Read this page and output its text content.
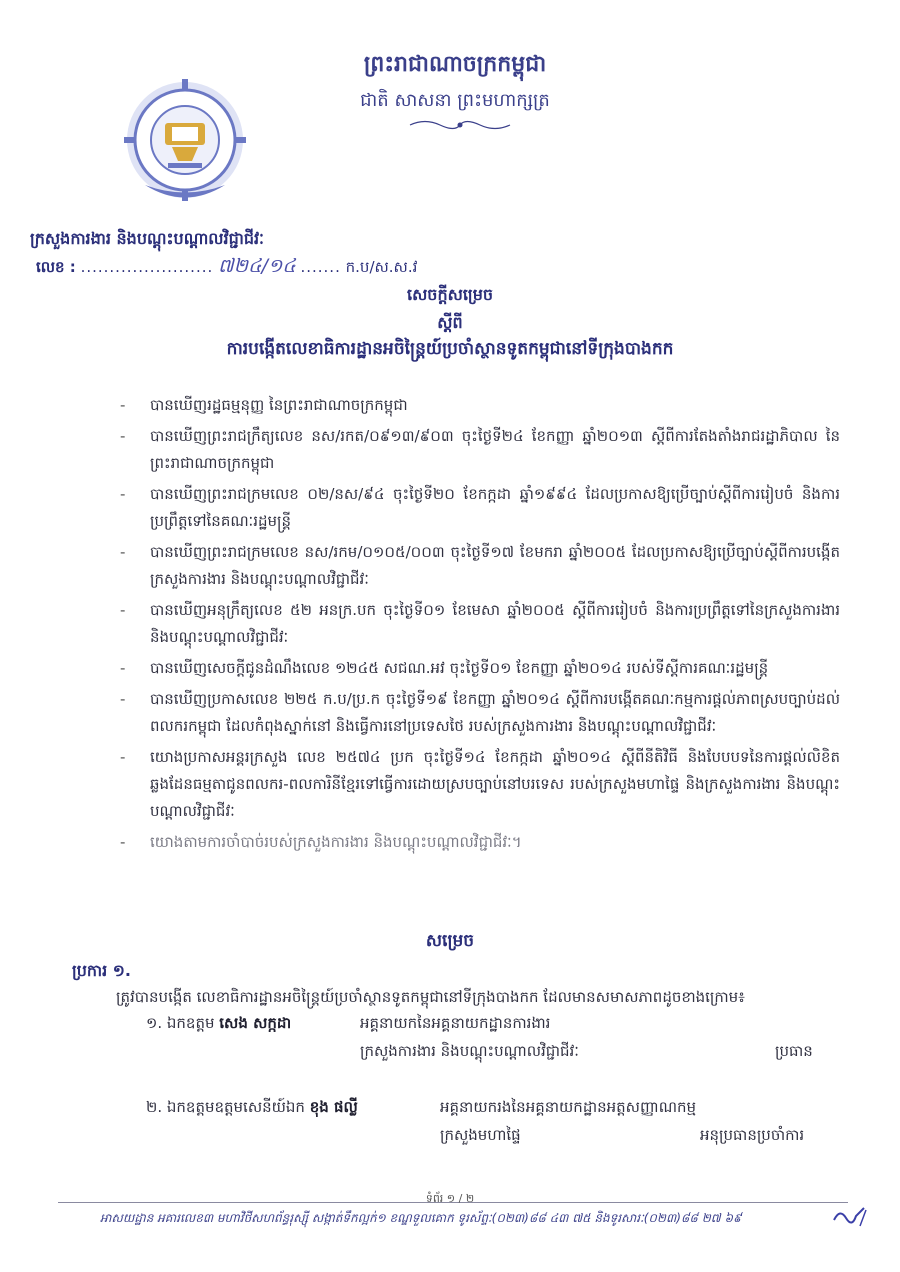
ព្រះរាជាណាចក្រកម្ពុជា
ជាតិ សាសនា ព្រះមហាក្សត្រ
ក្រសួងការងារ និងបណ្តុះបណ្តាលវិជ្ជាជីវៈ
លេខ : ....................... ៧២៤/១៤ ....... ក.ប/ស.ស.វ
សេចក្តីសម្រេច
ស្តីពី
ការបង្កើតលេខាធិការដ្ឋានអចិន្ត្រៃយ៍ប្រចាំស្ថានទូតកម្ពុជានៅទីក្រុងបាងកក
-	បានឃើញរដ្ឋធម្មនុញ្ញ នៃព្រះរាជាណាចក្រកម្ពុជា
-	បានឃើញព្រះរាជក្រឹត្យលេខ នស/រកត/០៩១៣/៩០៣ ចុះថ្ងៃទី២៤ ខែកញ្ញា ឆ្នាំ២០១៣ ស្តីពីការតែងតាំងរាជរដ្ឋាភិបាល នៃព្រះរាជាណាចក្រកម្ពុជា
-	បានឃើញព្រះរាជក្រមលេខ ០២/នស/៩៤ ចុះថ្ងៃទី២០ ខែកក្កដា ឆ្នាំ១៩៩៤ ដែលប្រកាសឱ្យប្រើច្បាប់ស្តីពីការរៀបចំ និងការប្រព្រឹត្តទៅនៃគណៈរដ្ឋមន្ត្រី
-	បានឃើញព្រះរាជក្រមលេខ នស/រកម/០១០៥/០០៣ ចុះថ្ងៃទី១៧ ខែមករា ឆ្នាំ២០០៥ ដែលប្រកាសឱ្យប្រើច្បាប់ស្តីពីការបង្កើតក្រសួងការងារ និងបណ្តុះបណ្តាលវិជ្ជាជីវៈ
-	បានឃើញអនុក្រឹត្យលេខ ៥២ អនក្រ.បក ចុះថ្ងៃទី០១ ខែមេសា ឆ្នាំ២០០៥ ស្តីពីការរៀបចំ និងការប្រព្រឹត្តទៅនៃក្រសួងការងារ និងបណ្តុះបណ្តាលវិជ្ជាជីវៈ
-	បានឃើញសេចក្តីជូនដំណឹងលេខ ១២៤៥ សជណ.អវ ចុះថ្ងៃទី០១ ខែកញ្ញា ឆ្នាំ២០១៤ របស់ទីស្តីការគណៈរដ្ឋមន្ត្រី
-	បានឃើញប្រកាសលេខ ២២៥ ក.ប/ប្រ.ក ចុះថ្ងៃទី១៩ ខែកញ្ញា ឆ្នាំ២០១៤ ស្តីពីការបង្កើតគណៈកម្មការផ្តល់ភាពស្របច្បាប់ដល់ពលករកម្ពុជា ដែលកំពុងស្នាក់នៅ និងធ្វើការនៅប្រទេសថៃ របស់ក្រសួងការងារ និងបណ្តុះបណ្តាលវិជ្ជាជីវៈ
-	យោងប្រកាសអន្តរក្រសួង លេខ ២៥៧៤ ប្រក ចុះថ្ងៃទី១៤ ខែកក្កដា ឆ្នាំ២០១៤ ស្តីពីនីតិវិធី និងបែបបទនៃការផ្តល់លិខិតឆ្លងដែនធម្មតាជូនពលករ-ពលការិនីខ្មែរទៅធ្វើការដោយស្របច្បាប់នៅបរទេស របស់ក្រសួងមហាផ្ទៃ និងក្រសួងការងារ និងបណ្តុះបណ្តាលវិជ្ជាជីវៈ
-	យោងតាមការចាំបាច់របស់ក្រសួងការងារ និងបណ្តុះបណ្តាលវិជ្ជាជីវៈ។
សម្រេច
ប្រការ ១.
ត្រូវបានបង្កើត លេខាធិការដ្ឋានអចិន្ត្រៃយ៍ប្រចាំស្ថានទូតកម្ពុជានៅទីក្រុងបាងកក ដែលមានសមាសភាពដូចខាងក្រោម៖
១. ឯកឧត្តម សេង សក្កដា	អគ្គនាយកនៃអគ្គនាយកដ្ឋានការងារ
ក្រសួងការងារ និងបណ្តុះបណ្តាលវិជ្ជាជីវៈ	ប្រធាន
២. ឯកឧត្តមឧត្តមសេនីយ៍ឯក ខុង ផល្លី	អគ្គនាយករងនៃអគ្គនាយកដ្ឋានអត្តសញ្ញាណកម្ម
ក្រសួងមហាផ្ទៃ	អនុប្រធានប្រចាំការ
ទំព័រ ១ / ២
អាសយដ្ឋាន អគារលេខ៣ មហាវិថីសហព័ន្ធរុស្ស៊ី សង្កាត់ទឹកល្អក់១ ខណ្ឌទួលគោក ទូរស័ព្ទៈ(០២៣)៨៨ ៤៣ ៧៥ និងទូរសារៈ(០២៣)៨៨ ២៧ ៦៩
